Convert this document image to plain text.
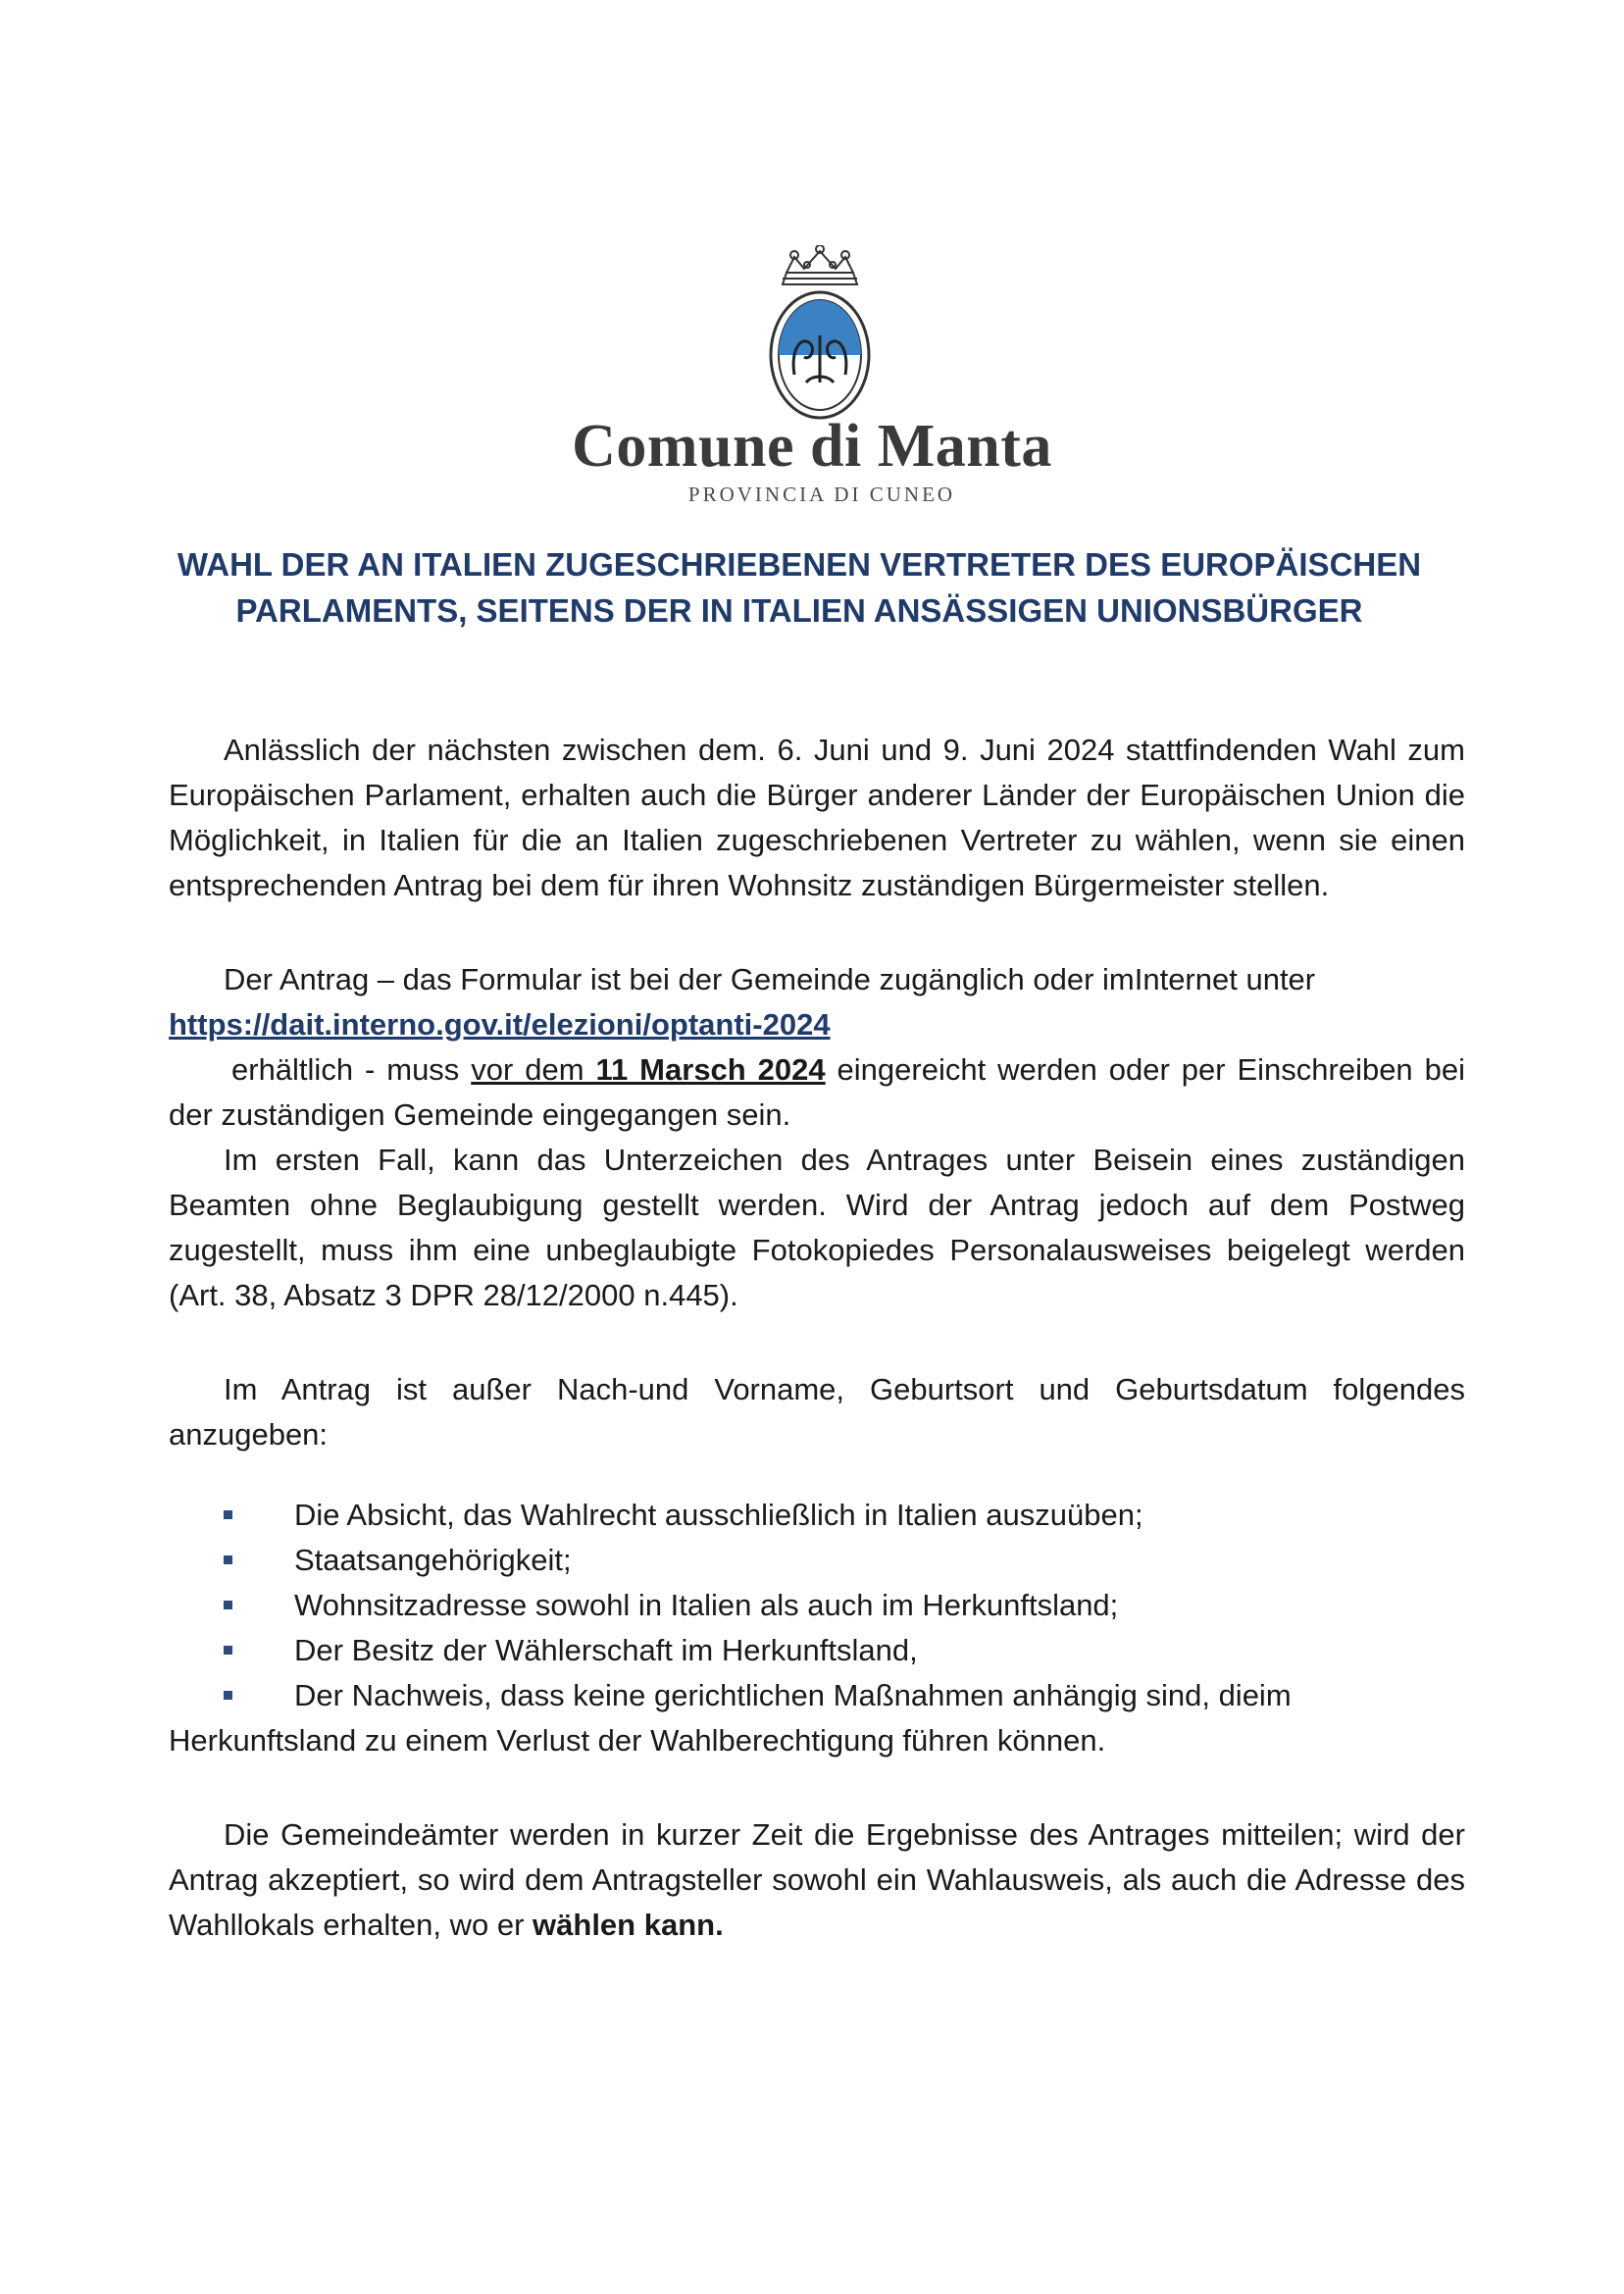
Comune di Manta
PROVINCIA DI CUNEO
WAHL DER AN ITALIEN ZUGESCHRIEBENEN VERTRETER DES EUROPÄISCHEN PARLAMENTS, SEITENS DER IN ITALIEN ANSÄSSIGEN UNIONSBÜRGER

Anlässlich der nächsten zwischen dem. 6. Juni und 9. Juni 2024 stattfindenden Wahl zum Europäischen Parlament, erhalten auch die Bürger anderer Länder der Europäischen Union die Möglichkeit, in Italien für die an Italien zugeschriebenen Vertreter zu wählen, wenn sie einen entsprechenden Antrag bei dem für ihren Wohnsitz zuständigen Bürgermeister stellen.

Der Antrag – das Formular ist bei der Gemeinde zugänglich oder imInternet unter

https://dait.interno.gov.it/elezioni/optanti-2024

erhältlich - muss vor dem 11 Marsch 2024 eingereicht werden oder per Einschreiben bei der zuständigen Gemeinde eingegangen sein.

Im ersten Fall, kann das Unterzeichen des Antrages unter Beisein eines zuständigen Beamten ohne Beglaubigung gestellt werden. Wird der Antrag jedoch auf dem Postweg zugestellt, muss ihm eine unbeglaubigte Fotokopiedes Personalausweises beigelegt werden (Art. 38, Absatz 3 DPR 28/12/2000 n.445).

Im Antrag ist außer Nach-und Vorname, Geburtsort und Geburtsdatum folgendes anzugeben:

Die Absicht, das Wahlrecht ausschließlich in Italien auszuüben;
Staatsangehörigkeit;
Wohnsitzadresse sowohl in Italien als auch im Herkunftsland;
Der Besitz der Wählerschaft im Herkunftsland,
Der Nachweis, dass keine gerichtlichen Maßnahmen anhängig sind, dieim

Herkunftsland zu einem Verlust der Wahlberechtigung führen können.

Die Gemeindeämter werden in kurzer Zeit die Ergebnisse des Antrages mitteilen; wird der Antrag akzeptiert, so wird dem Antragsteller sowohl ein Wahlausweis, als auch die Adresse des Wahllokals erhalten, wo er wählen kann.
